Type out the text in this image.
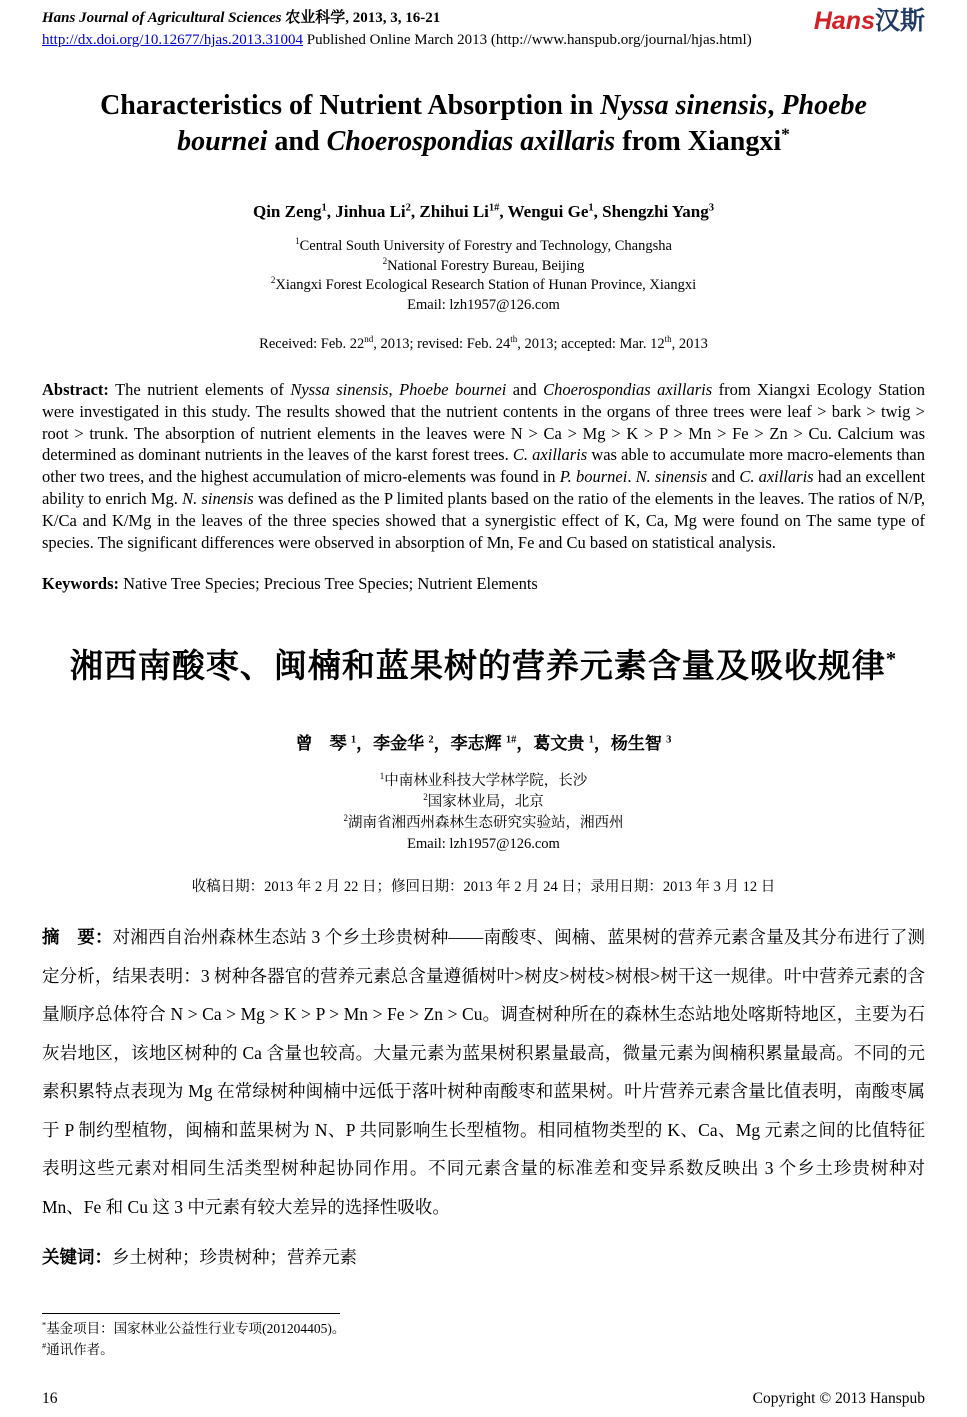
Hans Journal of Agricultural Sciences 农业科学, 2013, 3, 16-21
http://dx.doi.org/10.12677/hjas.2013.31004 Published Online March 2013 (http://www.hanspub.org/journal/hjas.html)
Hans汉斯
Characteristics of Nutrient Absorption in Nyssa sinensis, Phoebe bournei and Choerospondias axillaris from Xiangxi*
Qin Zeng$^1$, Jinhua Li$^2$, Zhihui $Li^{1\#}$, Wengui Ge$^1$, Shengzhi Yang$^3$
$^1$Central South University of Forestry and Technology, Changsha
$^2$National Forestry Bureau, Beijing
$^2$Xiangxi Forest Ecological Research Station of Hunan Province, Xiangxi
Email: lzh1957@126.com
Received: Feb. 22nd, 2013; revised: Feb. 24th, 2013; accepted: Mar. 12th, 2013

Abstract: The nutrient elements of Nyssa sinensis, Phoebe bournei and Choerospondias axillaris from Xiangxi Ecology Station were investigated in this study. The results showed that the nutrient contents in the organs of three trees were leaf > bark > twig > root > trunk. The absorption of nutrient elements in the leaves were N > Ca > Mg > K > P > Mn > Fe > Zn > Cu. Calcium was determined as dominant nutrients in the leaves of the karst forest trees. C. axillaris was able to accumulate more macro-elements than other two trees, and the highest accumulation of micro-elements was found in P. bournei. N. sinensis and C. axillaris had an excellent ability to enrich Mg. N. sinensis was defined as the P limited plants based on the ratio of the elements in the leaves. The ratios of N/P, K/Ca and K/Mg in the leaves of the three species showed that a synergistic effect of K, Ca, Mg were found on The same type of species. The significant differences were observed in absorption of Mn, Fe and Cu based on statistical analysis.

Keywords: Native Tree Species; Precious Tree Species; Nutrient Elements
湘西南酸枣、闽楠和蓝果树的营养元素含量及吸收规律*
曾　琴 $^1$，李金华 $^2$，李志辉 $^{1\#}$，葛文贵 $^1$，杨生智 $^3$
$^1$中南林业科技大学林学院，长沙
$^2$国家林业局，北京
$^2$湖南省湘西州森林生态研究实验站，湘西州
Email: lzh1957@126.com
收稿日期：2013 年 2 月 22 日；修回日期：2013 年 2 月 24 日；录用日期：2013 年 3 月 12 日

摘　要：对湘西自治州森林生态站 3 个乡土珍贵树种——南酸枣、闽楠、蓝果树的营养元素含量及其分布进行了测定分析，结果表明：3 树种各器官的营养元素总含量遵循树叶>树皮>树枝>树根>树干这一规律。叶中营养元素的含量顺序总体符合 N > Ca > Mg > K > P > Mn > Fe > Zn > Cu。调查树种所在的森林生态站地处喀斯特地区，主要为石灰岩地区，该地区树种的 Ca 含量也较高。大量元素为蓝果树积累量最高，微量元素为闽楠积累量最高。不同的元素积累特点表现为 Mg 在常绿树种闽楠中远低于落叶树种南酸枣和蓝果树。叶片营养元素含量比值表明，南酸枣属于 P 制约型植物，闽楠和蓝果树为 N、P 共同影响生长型植物。相同植物类型的 K、Ca、Mg 元素之间的比值特征表明这些元素对相同生活类型树种起协同作用。不同元素含量的标准差和变异系数反映出 3 个乡土珍贵树种对 Mn、Fe 和 Cu 这 3 中元素有较大差异的选择性吸收。

关键词：乡土树种；珍贵树种；营养元素
*基金项目：国家林业公益性行业专项(201204405)。
#通讯作者。
16	Copyright © 2013 Hanspub
